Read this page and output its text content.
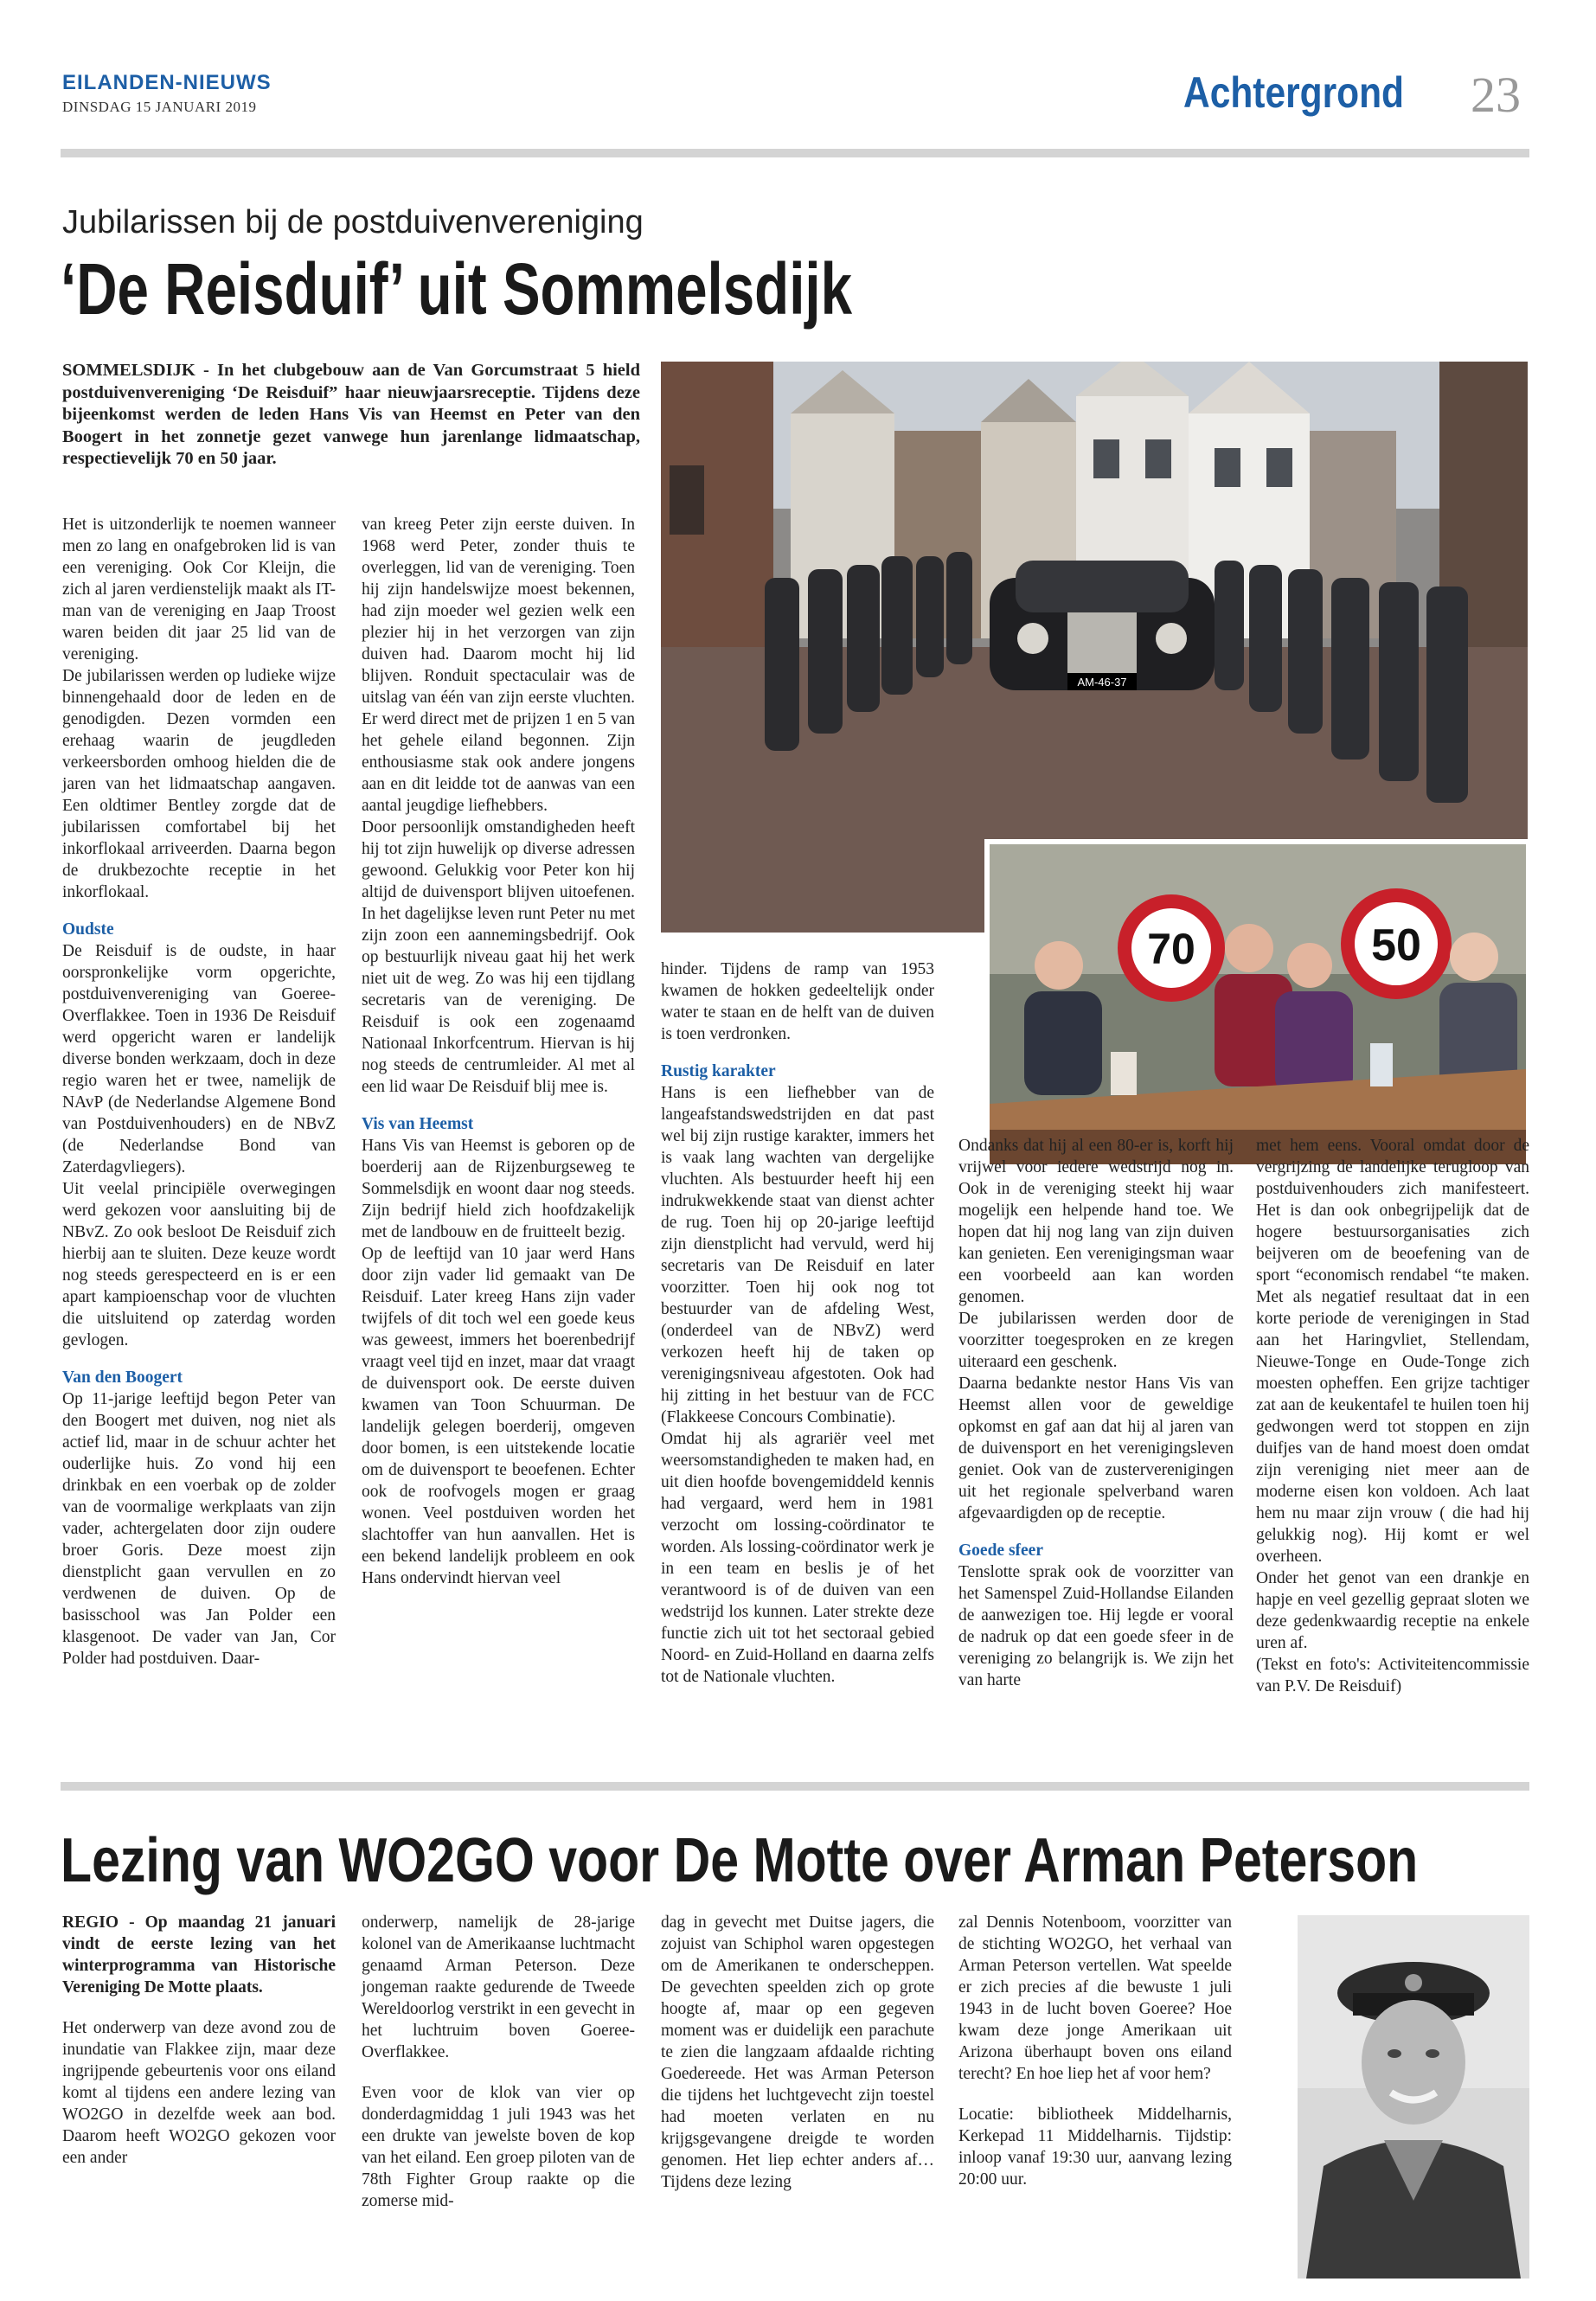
EILANDEN-NIEUWS
DINSDAG 15 JANUARI 2019	Achtergrond 23
Jubilarissen bij de postduivenvereniging
‘De Reisduif’ uit Sommelsdijk
SOMMELSDIJK - In het clubgebouw aan de Van Gorcumstraat 5 hield postduivenvereniging ‘De Reisduif” haar nieuwjaarsreceptie. Tijdens deze bijeenkomst werden de leden Hans Vis van Heemst en Peter van den Boogert in het zonnetje gezet vanwege hun jarenlange lidmaatschap, respectievelijk 70 en 50 jaar.
AM-46-37
70	50

Het is uitzonderlijk te noemen wanneer men zo lang en onafgebroken lid is van een vereniging. Ook Cor Kleijn, die zich al jaren verdienstelijk maakt als IT-man van de vereniging en Jaap Troost waren beiden dit jaar 25 lid van de vereniging.

De jubilarissen werden op ludieke wijze binnengehaald door de leden en de genodigden. Dezen vormden een erehaag waarin de jeugdleden verkeersborden omhoog hielden die de jaren van het lidmaatschap aangaven. Een oldtimer Bentley zorgde dat de jubilarissen comfortabel bij het inkorflokaal arriveerden. Daarna begon de drukbezochte receptie in het inkorflokaal.

Oudste

De Reisduif is de oudste, in haar oorspronkelijke vorm opgerichte, postduivenvereniging van Goeree-Overflakkee. Toen in 1936 De Reisduif werd opgericht waren er landelijk diverse bonden werkzaam, doch in deze regio waren het er twee, namelijk de NAvP (de Nederlandse Algemene Bond van Postduivenhouders) en de NBvZ (de Nederlandse Bond van Zaterdagvliegers).

Uit veelal principiële overwegingen werd gekozen voor aansluiting bij de NBvZ. Zo ook besloot De Reisduif zich hierbij aan te sluiten. Deze keuze wordt nog steeds gerespecteerd en is er een apart kampioenschap voor de vluchten die uitsluitend op zaterdag worden gevlogen.

Van den Boogert

Op 11-jarige leeftijd begon Peter van den Boogert met duiven, nog niet als actief lid, maar in de schuur achter het ouderlijke huis. Zo vond hij een drinkbak en een voerbak op de zolder van de voormalige werkplaats van zijn vader, achtergelaten door zijn oudere broer Goris. Deze moest zijn dienstplicht gaan vervullen en zo verdwenen de duiven. Op de basisschool was Jan Polder een klasgenoot. De vader van Jan, Cor Polder had postduiven. Daar-

van kreeg Peter zijn eerste duiven. In 1968 werd Peter, zonder thuis te overleggen, lid van de vereniging. Toen hij zijn handelswijze moest bekennen, had zijn moeder wel gezien welk een plezier hij in het verzorgen van zijn duiven had. Daarom mocht hij lid blijven. Ronduit spectaculair was de uitslag van één van zijn eerste vluchten. Er werd direct met de prijzen 1 en 5 van het gehele eiland begonnen. Zijn enthousiasme stak ook andere jongens aan en dit leidde tot de aanwas van een aantal jeugdige liefhebbers.

Door persoonlijk omstandigheden heeft hij tot zijn huwelijk op diverse adressen gewoond. Gelukkig voor Peter kon hij altijd de duivensport blijven uitoefenen. In het dagelijkse leven runt Peter nu met zijn zoon een aannemingsbedrijf. Ook op bestuurlijk niveau gaat hij het werk niet uit de weg. Zo was hij een tijdlang secretaris van de vereniging. De Reisduif is ook een zogenaamd Nationaal Inkorfcentrum. Hiervan is hij nog steeds de centrumleider. Al met al een lid waar De Reisduif blij mee is.

Vis van Heemst

Hans Vis van Heemst is geboren op de boerderij aan de Rijzenburgseweg te Sommelsdijk en woont daar nog steeds. Zijn bedrijf hield zich hoofdzakelijk met de landbouw en de fruitteelt bezig.

Op de leeftijd van 10 jaar werd Hans door zijn vader lid gemaakt van De Reisduif. Later kreeg Hans zijn vader twijfels of dit toch wel een goede keus was geweest, immers het boerenbedrijf vraagt veel tijd en inzet, maar dat vraagt de duivensport ook. De eerste duiven kwamen van Toon Schuurman. De landelijk gelegen boerderij, omgeven door bomen, is een uitstekende locatie om de duivensport te beoefenen. Echter ook de roofvogels mogen er graag wonen. Veel postduiven worden het slachtoffer van hun aanvallen. Het is een bekend landelijk probleem en ook Hans ondervindt hiervan veel

hinder. Tijdens de ramp van 1953 kwamen de hokken gedeeltelijk onder water te staan en de helft van de duiven is toen verdronken.

Rustig karakter

Hans is een liefhebber van de langeafstandswedstrijden en dat past wel bij zijn rustige karakter, immers het is vaak lang wachten van dergelijke vluchten. Als bestuurder heeft hij een indrukwekkende staat van dienst achter de rug. Toen hij op 20-jarige leeftijd zijn dienstplicht had vervuld, werd hij secretaris van De Reisduif en later voorzitter. Toen hij ook nog tot bestuurder van de afdeling West,(onderdeel van de NBvZ) werd verkozen heeft hij de taken op verenigingsniveau afgestoten. Ook had hij zitting in het bestuur van de FCC (Flakkeese Concours Combinatie).

Omdat hij als agrariër veel met weersomstandigheden te maken had, en uit dien hoofde bovengemiddeld kennis had vergaard, werd hem in 1981 verzocht om lossing-coördinator te worden. Als lossing-coördinator werk je in een team en beslis je of het verantwoord is of de duiven van een wedstrijd los kunnen. Later strekte deze functie zich uit tot het sectoraal gebied Noord- en Zuid-Holland en daarna zelfs tot de Nationale vluchten.

Ondanks dat hij al een 80-er is, korft hij vrijwel voor iedere wedstrijd nog in. Ook in de vereniging steekt hij waar mogelijk een helpende hand toe. We hopen dat hij nog lang van zijn duiven kan genieten. Een verenigingsman waar een voorbeeld aan kan worden genomen.

De jubilarissen werden door de voorzitter toegesproken en ze kregen uiteraard een geschenk.

Daarna bedankte nestor Hans Vis van Heemst allen voor de geweldige opkomst en gaf aan dat hij al jaren van de duivensport en het verenigingsleven geniet. Ook van de zusterverenigingen uit het regionale spelverband waren afgevaardigden op de receptie.

Goede sfeer

Tenslotte sprak ook de voorzitter van het Samenspel Zuid-Hollandse Eilanden de aanwezigen toe. Hij legde er vooral de nadruk op dat een goede sfeer in de vereniging zo belangrijk is. We zijn het van harte

met hem eens. Vooral omdat door de vergrijzing de landelijke terugloop van postduivenhouders zich manifesteert. Het is dan ook onbegrijpelijk dat de hogere bestuursorganisaties zich beijveren om de beoefening van de sport “economisch rendabel “te maken. Met als negatief resultaat dat in een korte periode de verenigingen in Stad aan het Haringvliet, Stellendam, Nieuwe-Tonge en Oude-Tonge zich moesten opheffen. Een grijze tachtiger zat aan de keukentafel te huilen toen hij gedwongen werd tot stoppen en zijn duifjes van de hand moest doen omdat zijn vereniging niet meer aan de moderne eisen kon voldoen. Ach laat hem nu maar zijn vrouw ( die had hij gelukkig nog). Hij komt er wel overheen.

Onder het genot van een drankje en hapje en veel gezellig gepraat sloten we deze gedenkwaardig receptie na enkele uren af.

(Tekst en foto's: Activiteitencommissie van P.V. De Reisduif)

Lezing van WO2GO voor De Motte over Arman Peterson

REGIO - Op maandag 21 januari vindt de eerste lezing van het winterprogramma van Historische Vereniging De Motte plaats.

Het onderwerp van deze avond zou de inundatie van Flakkee zijn, maar deze ingrijpende gebeurtenis voor ons eiland komt al tijdens een andere lezing van WO2GO in dezelfde week aan bod. Daarom heeft WO2GO gekozen voor een ander

onderwerp, namelijk de 28-jarige kolonel van de Amerikaanse luchtmacht genaamd Arman Peterson. Deze jongeman raakte gedurende de Tweede Wereldoorlog verstrikt in een gevecht in het luchtruim boven Goeree-Overflakkee.

Even voor de klok van vier op donderdagmiddag 1 juli 1943 was het een drukte van jewelste boven de kop van het eiland. Een groep piloten van de 78th Fighter Group raakte op die zomerse mid-

dag in gevecht met Duitse jagers, die zojuist van Schiphol waren opgestegen om de Amerikanen te onderscheppen. De gevechten speelden zich op grote hoogte af, maar op een gegeven moment was er duidelijk een parachute te zien die langzaam afdaalde richting Goedereede. Het was Arman Peterson die tijdens het luchtgevecht zijn toestel had moeten verlaten en nu krijgsgevangene dreigde te worden genomen. Het liep echter anders af…Tijdens deze lezing

zal Dennis Notenboom, voorzitter van de stichting WO2GO, het verhaal van Arman Peterson vertellen. Wat speelde er zich precies af die bewuste 1 juli 1943 in de lucht boven Goeree? Hoe kwam deze jonge Amerikaan uit Arizona überhaupt boven ons eiland terecht? En hoe liep het af voor hem?

Locatie: bibliotheek Middelharnis, Kerkepad 11 Middelharnis. Tijdstip: inloop vanaf 19:30 uur, aanvang lezing 20:00 uur.
